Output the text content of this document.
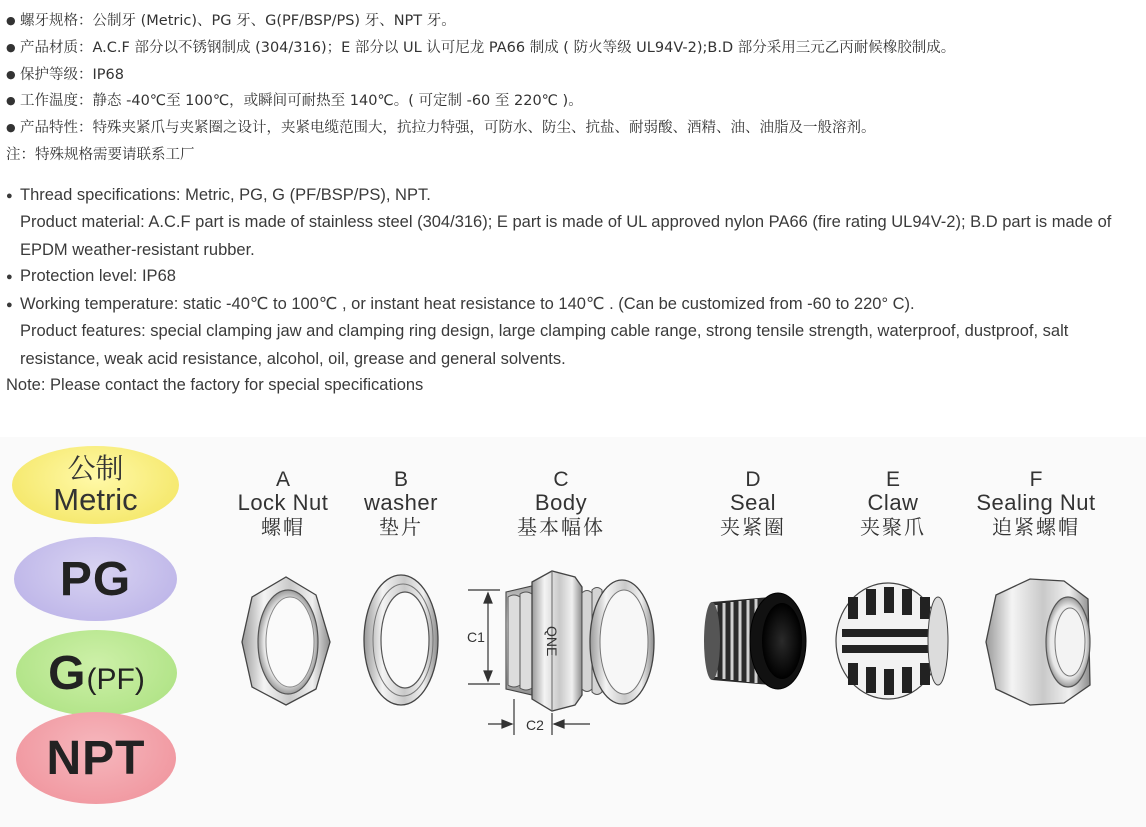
● 螺牙规格：公制牙 (Metric)、PG 牙、G(PF/BSP/PS) 牙、NPT 牙。
● 产品材质：A.C.F 部分以不锈钢制成 (304/316)；E 部分以 UL 认可尼龙 PA66 制成 ( 防火等级 UL94V-2);B.D 部分采用三元乙丙耐候橡胶制成。
● 保护等级：IP68
● 工作温度：静态 -40℃至 100℃，或瞬间可耐热至 140℃。( 可定制 -60 至 220℃ )。
● 产品特性：特殊夹紧爪与夹紧圈之设计，夹紧电缆范围大，抗拉力特强，可防水、防尘、抗盐、耐弱酸、酒精、油、油脂及一般溶剂。
注：特殊规格需要请联系工厂
● Thread specifications: Metric, PG, G (PF/BSP/PS), NPT.
Product material: A.C.F part is made of stainless steel (304/316); E part is made of UL approved nylon PA66 (fire rating UL94V-2); B.D part is made of EPDM weather-resistant rubber.
● Protection level: IP68
● Working temperature: static -40℃ to 100℃ , or instant heat resistance to 140℃ . (Can be customized from -60 to 220° C).
Product features: special clamping jaw and clamping ring design, large clamping cable range, strong tensile strength, waterproof, dustproof, salt resistance, weak acid resistance, alcohol, oil, grease and general solvents.
Note: Please contact the factory for special specifications
公制
Metric
PG
G (PF)
NPT
A
Lock Nut
螺帽
B
washer
垫片
C
Body
基本幅体
D
Seal
夹紧圈
E
Claw
夹聚爪
F
Sealing Nut
迫紧螺帽
QNE
C1
C2
